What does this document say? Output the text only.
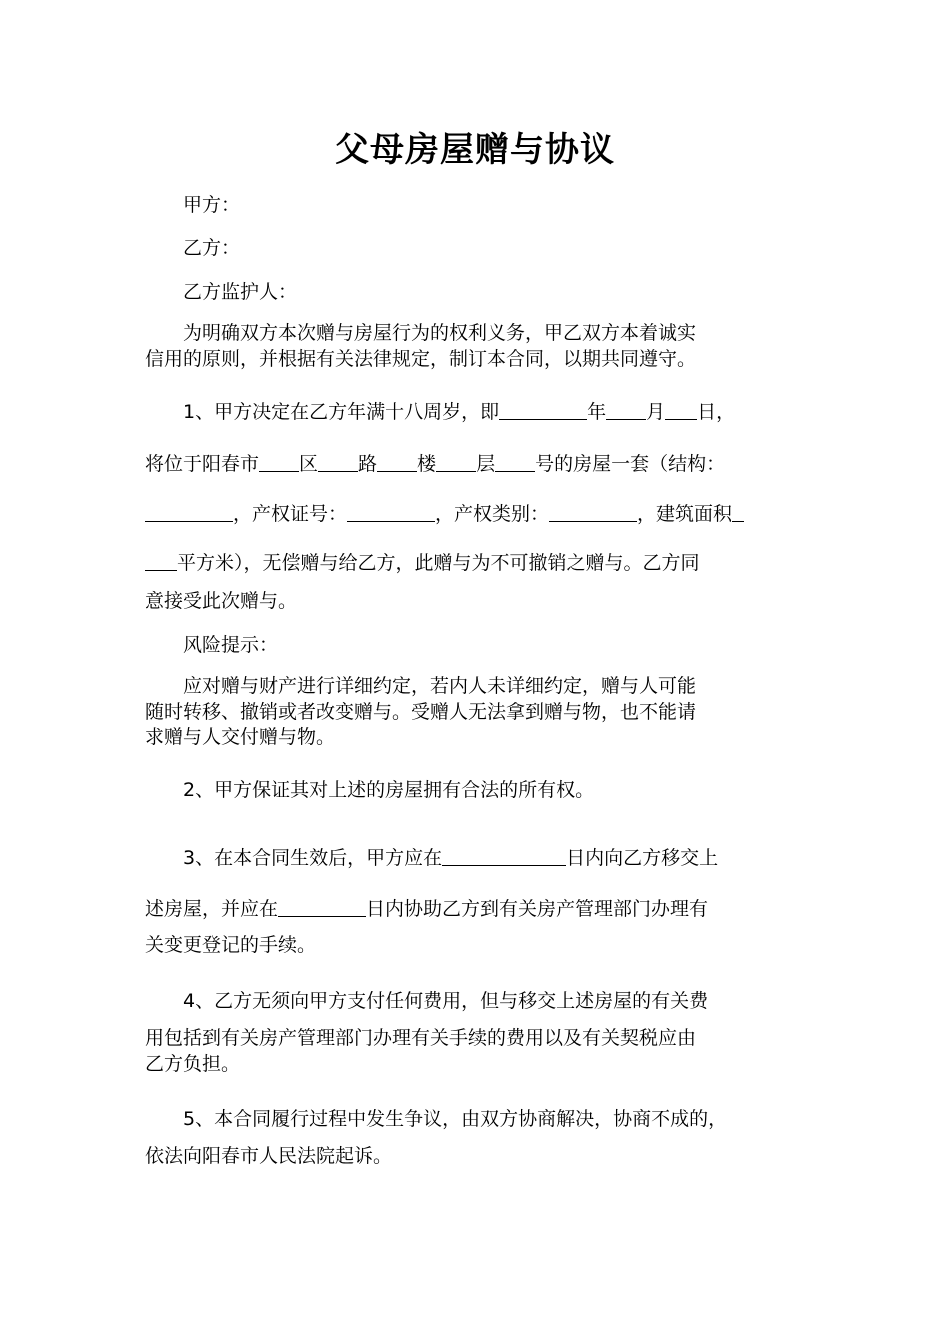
父母房屋赠与协议
甲方：
乙方：
乙方监护人：
为明确双方本次赠与房屋行为的权利义务，甲乙双方本着诚实
信用的原则，并根据有关法律规定，制订本合同，以期共同遵守。
1、甲方决定在乙方年满十八周岁，即	年 月 日，
将位于阳春市 区 路 楼 层 号的房屋一套（结构：
，产权证号：	，产权类别：	，建筑面积
平方米），无偿赠与给乙方，此赠与为不可撤销之赠与。乙方同
意接受此次赠与。
风险提示：
应对赠与财产进行详细约定，若内人未详细约定，赠与人可能
随时转移、撤销或者改变赠与。受赠人无法拿到赠与物，也不能请
求赠与人交付赠与物。
2、甲方保证其对上述的房屋拥有合法的所有权。
3、在本合同生效后，甲方应在	日内向乙方移交上
述房屋，并应在	日内协助乙方到有关房产管理部门办理有
关变更登记的手续。
4、乙方无须向甲方支付任何费用，但与移交上述房屋的有关费
用包括到有关房产管理部门办理有关手续的费用以及有关契税应由
乙方负担。
5、本合同履行过程中发生争议，由双方协商解决，协商不成的，
依法向阳春市人民法院起诉。
